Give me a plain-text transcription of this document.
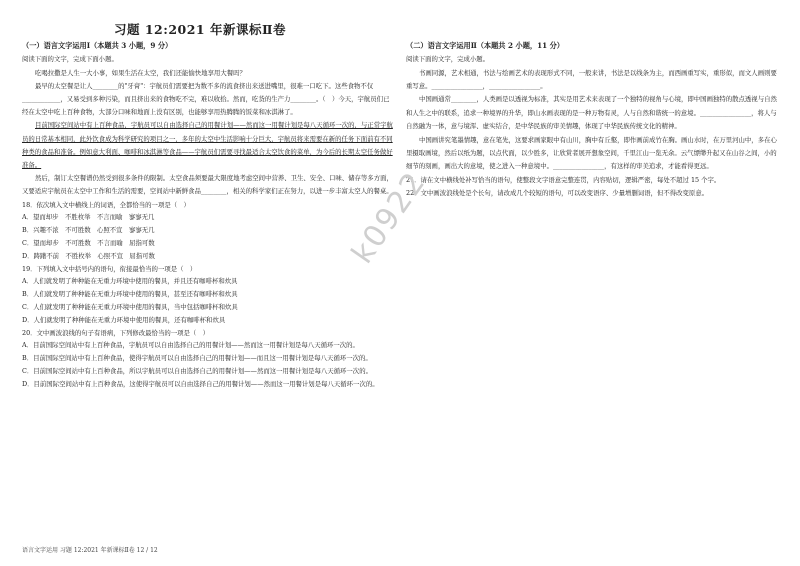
习题 12:2021 年新课标Ⅱ卷
（一）语言文字运用Ⅰ（本题共 3 小题，9 分）

阅读下面的文字，完成下面小题。

吃喝拉撒是人生一大小事，如果生活在太空，我们还能愉快地享用大餐吗？

最早的太空餐是让人________的"牙膏"：宇航员们需要把为数不多的流食挤出来送进嘴里，很难一口吃下。这些食物不仅____________，又易受到多种污染，而且挤出来的食物吃不完，难以收拾。然而，吃货的生产力________。（　）今天，宇航员们已经在太空中吃上百种食物，大部分口味和地面上没有区别，也能够享用热腾腾的饭菜和冰淇淋了。

目前国际空间站中有上百种食品，宇航员可以自由选择自己的用餐计划——然而这一用餐计划是每八天循环一次的，与正常宇航员的日常基本相同，此外饮食成为科学研究的项目之一，多年的太空中生活影响十分巨大，宇航员将来需要在新的任务下面前有不同种类的食品和准备。例如意大利面、咖啡和冰淇淋等食品——宇航员们需要寻找最适合太空饮食的菜单，为今后的长期太空任务做好准备。

然后，制订太空餐谱仍然受到很多条件的限制。太空食品须要最大限度地考虑空间中营养、卫生、安全、口味、储存等多方面，又要适应宇航员在太空中工作和生活的需要，空间站中新鲜食品________，相关的科学家们正在努力，以进一步丰富太空人的餐桌。

18．依次填入文中横线上的词语，全都恰当的一项是（　）

A．望而却步　不胜枚举　不言而喻　寥寥无几

B．兴趣不浓　不可胜数　心照不宣　寥寥无几

C．望而却步　不可胜数　不言而喻　屈指可数

D．踌躇不前　不胜枚举　心照不宣　屈指可数

19．下列填入文中括号内的语句，衔接最恰当的一项是（　）

A．人们就发明了种种能在无重力环境中使用的餐具，并且还有咖啡杯和炊具

B．人们就发明了种种能在无重力环境中使用的餐具，甚至还有咖啡杯和炊具

C．人们就发明了种种能在无重力环境中使用的餐具，当中包括咖啡杯和炊具

D．人们就发明了种种能在无重力环境中使用的餐具，还有咖啡杯和炊具

20．文中画波浪线的句子有语病，下列修改最恰当的一项是（　）

A．目前国际空间站中有上百种食品，宇航员可以自由选择自己的用餐计划——然而这一用餐计划是每八天循环一次的。

B．目前国际空间站中有上百种食品，使得宇航员可以自由选择自己的用餐计划——而且这一用餐计划是每八天循环一次的。

C．目前国际空间站中有上百种食品，所以宇航员可以自由选择自己的用餐计划——然而这一用餐计划是每八天循环一次的。

D．目前国际空间站中有上百种食品，这使得宇航员可以自由选择自己的用餐计划——然而这一用餐计划是每八天循环一次的。

（二）语言文字运用Ⅱ（本题共 2 小题，11 分）

阅读下面的文字，完成小题。

书画同源，艺术相通，书法与绘画艺术的表现形式不同，一般来讲，书法是以线条为主，而西画重写实，重形似，而文人画则要重写意。________________，________________。

中国画通常________，人类画是以透视为标准，其实是用艺术来表现了一个独特的视角与心境，即中国画独特的散点透视与自然和人生之中的联系，追求一种境界的升华，即山水画表现的是一种万物有灵，人与自然和谐统一的意境。________________，将人与自然融为一体，意与境浑、虚实结合，是中华民族的审美情趣，体现了中华民族传统文化的精神。

中国画讲究笔墨情趣，意在笔先，这要求画家眼中有山川，胸中有丘壑，即作画前成竹在胸。画山水时，在万里河山中，多在心里摄取画境，然后以纸为题，以点代面，以少胜多，让欣赏者展开想象空间，千里江山一览无余。云气缥缈升起又在山谷之间，小的细节的刻画，画出大的意境，使之进入一种意境中。________________，有这样的审美追求，才能看得更远。

21．请在文中横线处补写恰当的语句，使整段文字语意完整连贯，内容贴切，逻辑严密，每处不超过 15 个字。

22．文中画波浪线处是个长句，请改成几个较短的语句，可以改变语序、少量增删词语，但不得改变原意。

k0922
语言文字运用 习题 12:2021 年新课标Ⅱ卷 12 / 12
